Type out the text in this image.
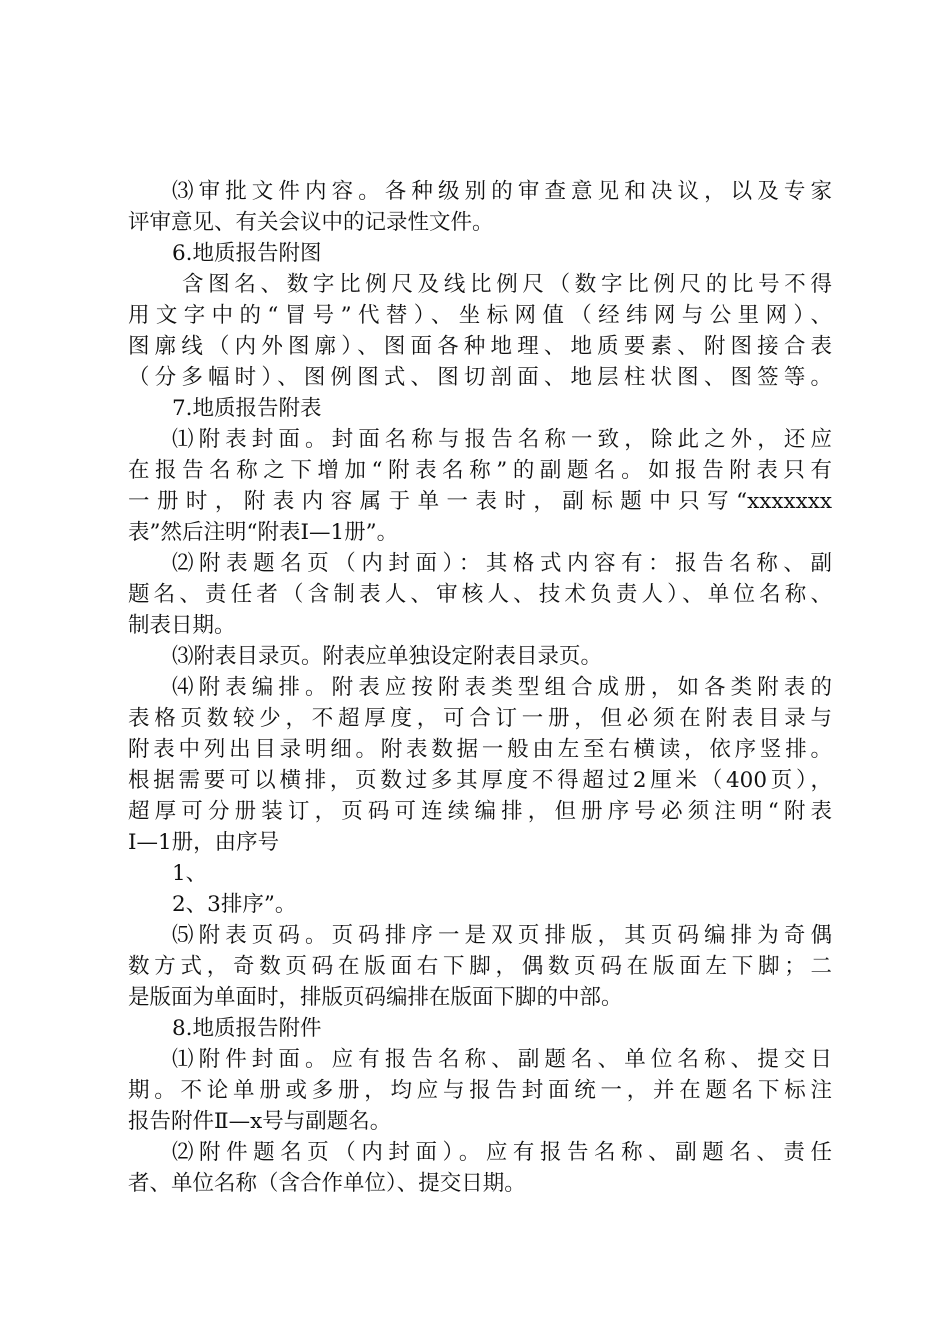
⑶审批文件内容。各种级别的审查意见和决议，以及专家
评审意见、有关会议中的记录性文件。
6.地质报告附图
含图名、数字比例尺及线比例尺（数字比例尺的比号不得
用文字中的“冒号”代替）、坐标网值（经纬网与公里网）、
图廓线（内外图廓）、图面各种地理、地质要素、附图接合表
（分多幅时）、图例图式、图切剖面、地层柱状图、图签等。
7.地质报告附表
⑴附表封面。封面名称与报告名称一致，除此之外，还应
在报告名称之下增加“附表名称”的副题名。如报告附表只有
一册时，附表内容属于单一表时，副标题中只写“xxxxxxx
表”然后注明“附表Ⅰ—1册”。
⑵附表题名页（内封面）：其格式内容有：报告名称、副
题名、责任者（含制表人、审核人、技术负责人）、单位名称、
制表日期。
⑶附表目录页。附表应单独设定附表目录页。
⑷附表编排。附表应按附表类型组合成册，如各类附表的
表格页数较少，不超厚度，可合订一册，但必须在附表目录与
附表中列出目录明细。附表数据一般由左至右横读，依序竖排。
根据需要可以横排，页数过多其厚度不得超过2厘米（400页），
超厚可分册装订，页码可连续编排，但册序号必须注明“附表
Ⅰ—1册，由序号
1、
2、3排序”。
⑸附表页码。页码排序一是双页排版，其页码编排为奇偶
数方式，奇数页码在版面右下脚，偶数页码在版面左下脚；二
是版面为单面时，排版页码编排在版面下脚的中部。
8.地质报告附件
⑴附件封面。应有报告名称、副题名、单位名称、提交日
期。不论单册或多册，均应与报告封面统一，并在题名下标注
报告附件Ⅱ—x号与副题名。
⑵附件题名页（内封面）。应有报告名称、副题名、责任
者、单位名称（含合作单位）、提交日期。
